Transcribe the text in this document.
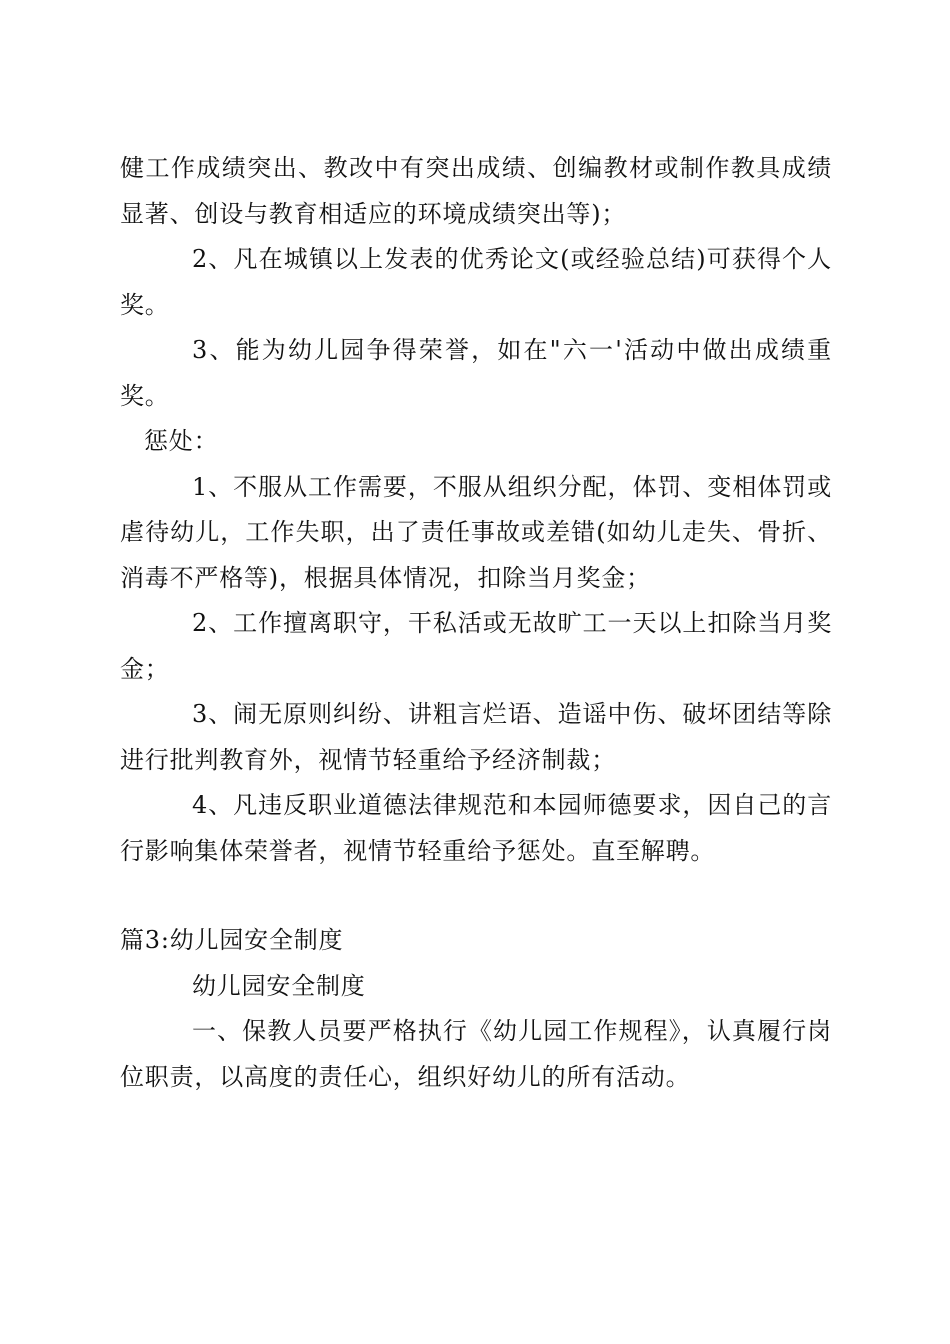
健工作成绩突出、教改中有突出成绩、创编教材或制作教具成绩显著、创设与教育相适应的环境成绩突出等)；

2、凡在城镇以上发表的优秀论文(或经验总结)可获得个人奖。

3、能为幼儿园争得荣誉，如在"六一'活动中做出成绩重奖。

惩处：

1、不服从工作需要，不服从组织分配，体罚、变相体罚或虐待幼儿，工作失职，出了责任事故或差错(如幼儿走失、骨折、消毒不严格等)，根据具体情况，扣除当月奖金；

2、工作擅离职守，干私活或无故旷工一天以上扣除当月奖金；

3、闹无原则纠纷、讲粗言烂语、造谣中伤、破坏团结等除进行批判教育外，视情节轻重给予经济制裁；

4、凡违反职业道德法律规范和本园师德要求，因自己的言行影响集体荣誉者，视情节轻重给予惩处。直至解聘。

篇3:幼儿园安全制度

幼儿园安全制度

一、保教人员要严格执行《幼儿园工作规程》，认真履行岗位职责，以高度的责任心，组织好幼儿的所有活动。
